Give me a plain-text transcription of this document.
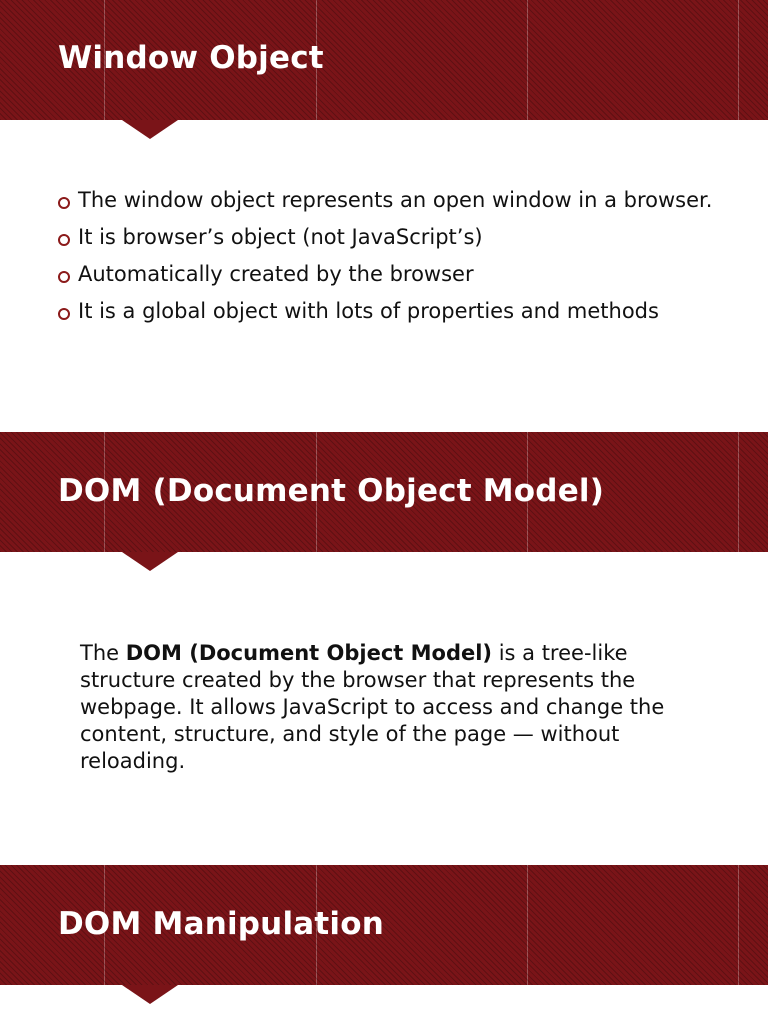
Window Object
The window object represents an open window in a browser.
It is browser’s object (not JavaScript’s)
Automatically created by the browser
It is a global object with lots of properties and methods
DOM (Document Object Model)
The DOM (Document Object Model) is a tree-like structure created by the browser that represents the webpage. It allows JavaScript to access and change the content, structure, and style of the page — without reloading.
DOM Manipulation
